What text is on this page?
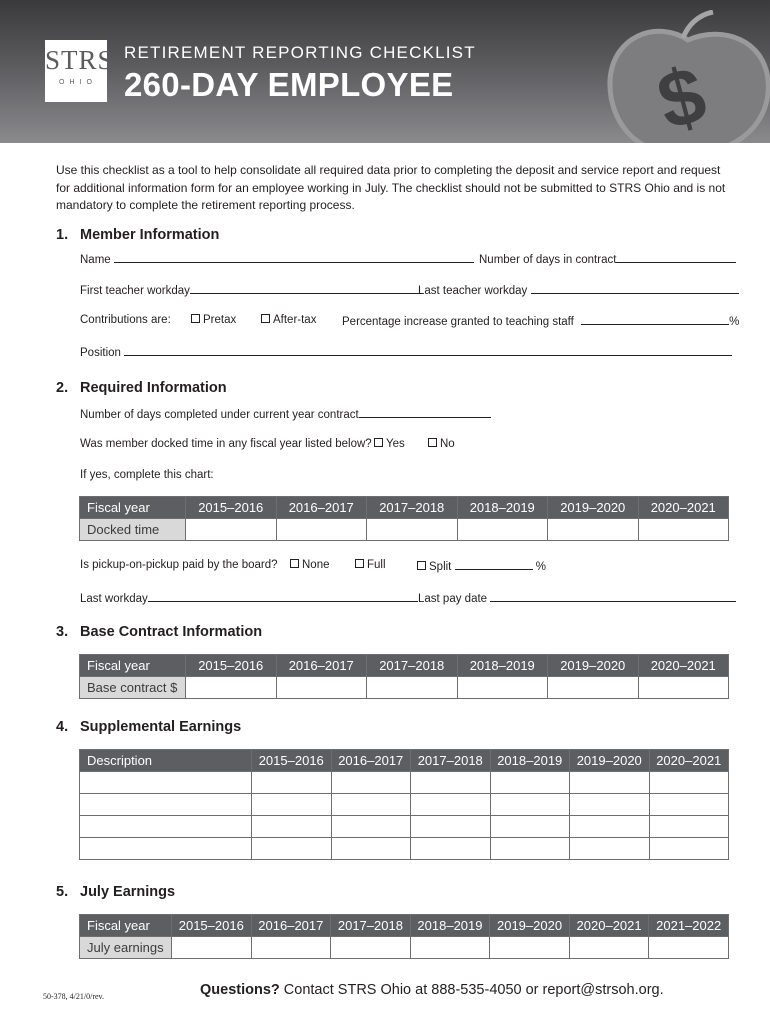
STRS
OHIO
RETIREMENT REPORTING CHECKLIST
260-DAY EMPLOYEE $
Use this checklist as a tool to help consolidate all required data prior to completing the deposit and service report and request for additional information form for an employee working in July. The checklist should not be submitted to STRS Ohio and is not mandatory to complete the retirement reporting process.
1. Member Information
Name	Number of days in contract
First teacher workday	Last teacher workday
Contributions are:	Pretax	After-tax Percentage increase granted to teaching staff	%
Position
2. Required Information
Number of days completed under current year contract
Was member docked time in any fiscal year listed below?	Yes	No
If yes, complete this chart:
Fiscal year	2015–2016	2016–2017	2017–2018	2018–2019	2019–2020	2020–2021
Docked time						
Is pickup-on-pickup paid by the board?	None	Full	Split	%
Last workday	Last pay date
3. Base Contract Information
Fiscal year	2015–2016	2016–2017	2017–2018	2018–2019	2019–2020	2020–2021
Base contract $						
4. Supplemental Earnings
Description	2015–2016	2016–2017	2017–2018	2018–2019	2019–2020	2020–2021

5. July Earnings
Fiscal year	2015–2016	2016–2017	2017–2018	2018–2019	2019–2020	2020–2021	2021–2022
July earnings							
50-378, 4/21/0/rev.	Questions? Contact STRS Ohio at 888-535-4050 or report@strsoh.org.
